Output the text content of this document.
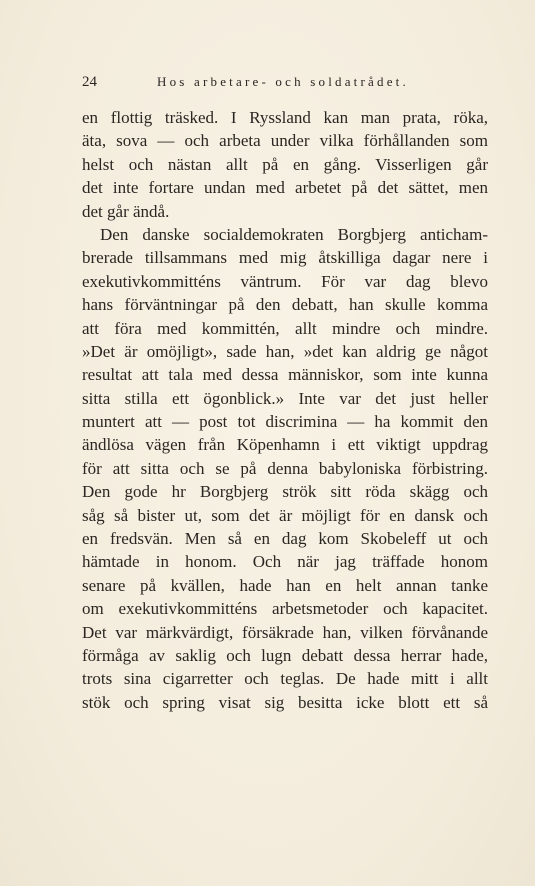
24	Hos arbetare- och soldatrådet.
en flottig träsked. I Ryssland kan man prata, röka,
äta, sova — och arbeta under vilka förhållanden som
helst och nästan allt på en gång. Visserligen går
det inte fortare undan med arbetet på det sättet, men
det går ändå.
Den danske socialdemokraten Borgbjerg anticham-
brerade tillsammans med mig åtskilliga dagar nere i
exekutivkommitténs väntrum. För var dag blevo
hans förväntningar på den debatt, han skulle komma
att föra med kommittén, allt mindre och mindre.
»Det är omöjligt», sade han, »det kan aldrig ge något
resultat att tala med dessa människor, som inte kunna
sitta stilla ett ögonblick.» Inte var det just heller
muntert att — post tot discrimina — ha kommit den
ändlösa vägen från Köpenhamn i ett viktigt uppdrag
för att sitta och se på denna babyloniska förbistring.
Den gode hr Borgbjerg strök sitt röda skägg och
såg så bister ut, som det är möjligt för en dansk och
en fredsvän. Men så en dag kom Skobeleff ut och
hämtade in honom. Och när jag träffade honom
senare på kvällen, hade han en helt annan tanke
om exekutivkommitténs arbetsmetoder och kapacitet.
Det var märkvärdigt, försäkrade han, vilken förvånande
förmåga av saklig och lugn debatt dessa herrar hade,
trots sina cigarretter och teglas. De hade mitt i allt
stök och spring visat sig besitta icke blott ett så
